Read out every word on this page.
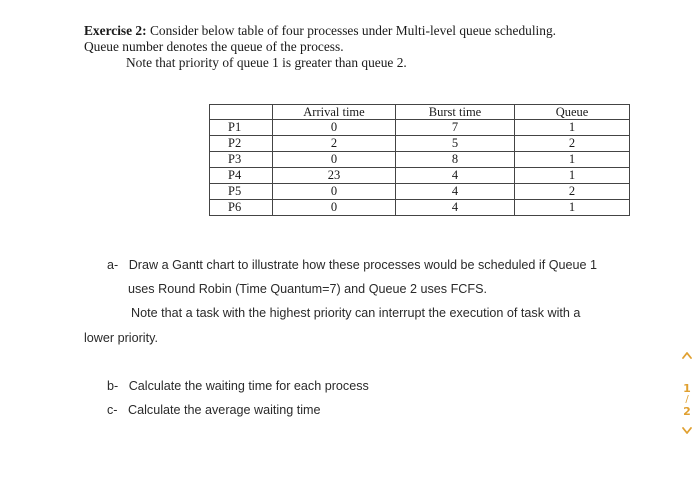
Exercise 2: Consider below table of four processes under Multi-level queue scheduling.
Queue number denotes the queue of the process.
Note that priority of queue 1 is greater than queue 2.
	Arrival time	Burst time	Queue
P1	0	7	1
P2	2	5	2
P3	0	8	1
P4	23	4	1
P5	0	4	2
P6	0	4	1
a- Draw a Gantt chart to illustrate how these processes would be scheduled if Queue 1
uses Round Robin (Time Quantum=7) and Queue 2 uses FCFS.
Note that a task with the highest priority can interrupt the execution of task with a
lower priority.
b- Calculate the waiting time for each process
c- Calculate the average waiting time
1
/
2
